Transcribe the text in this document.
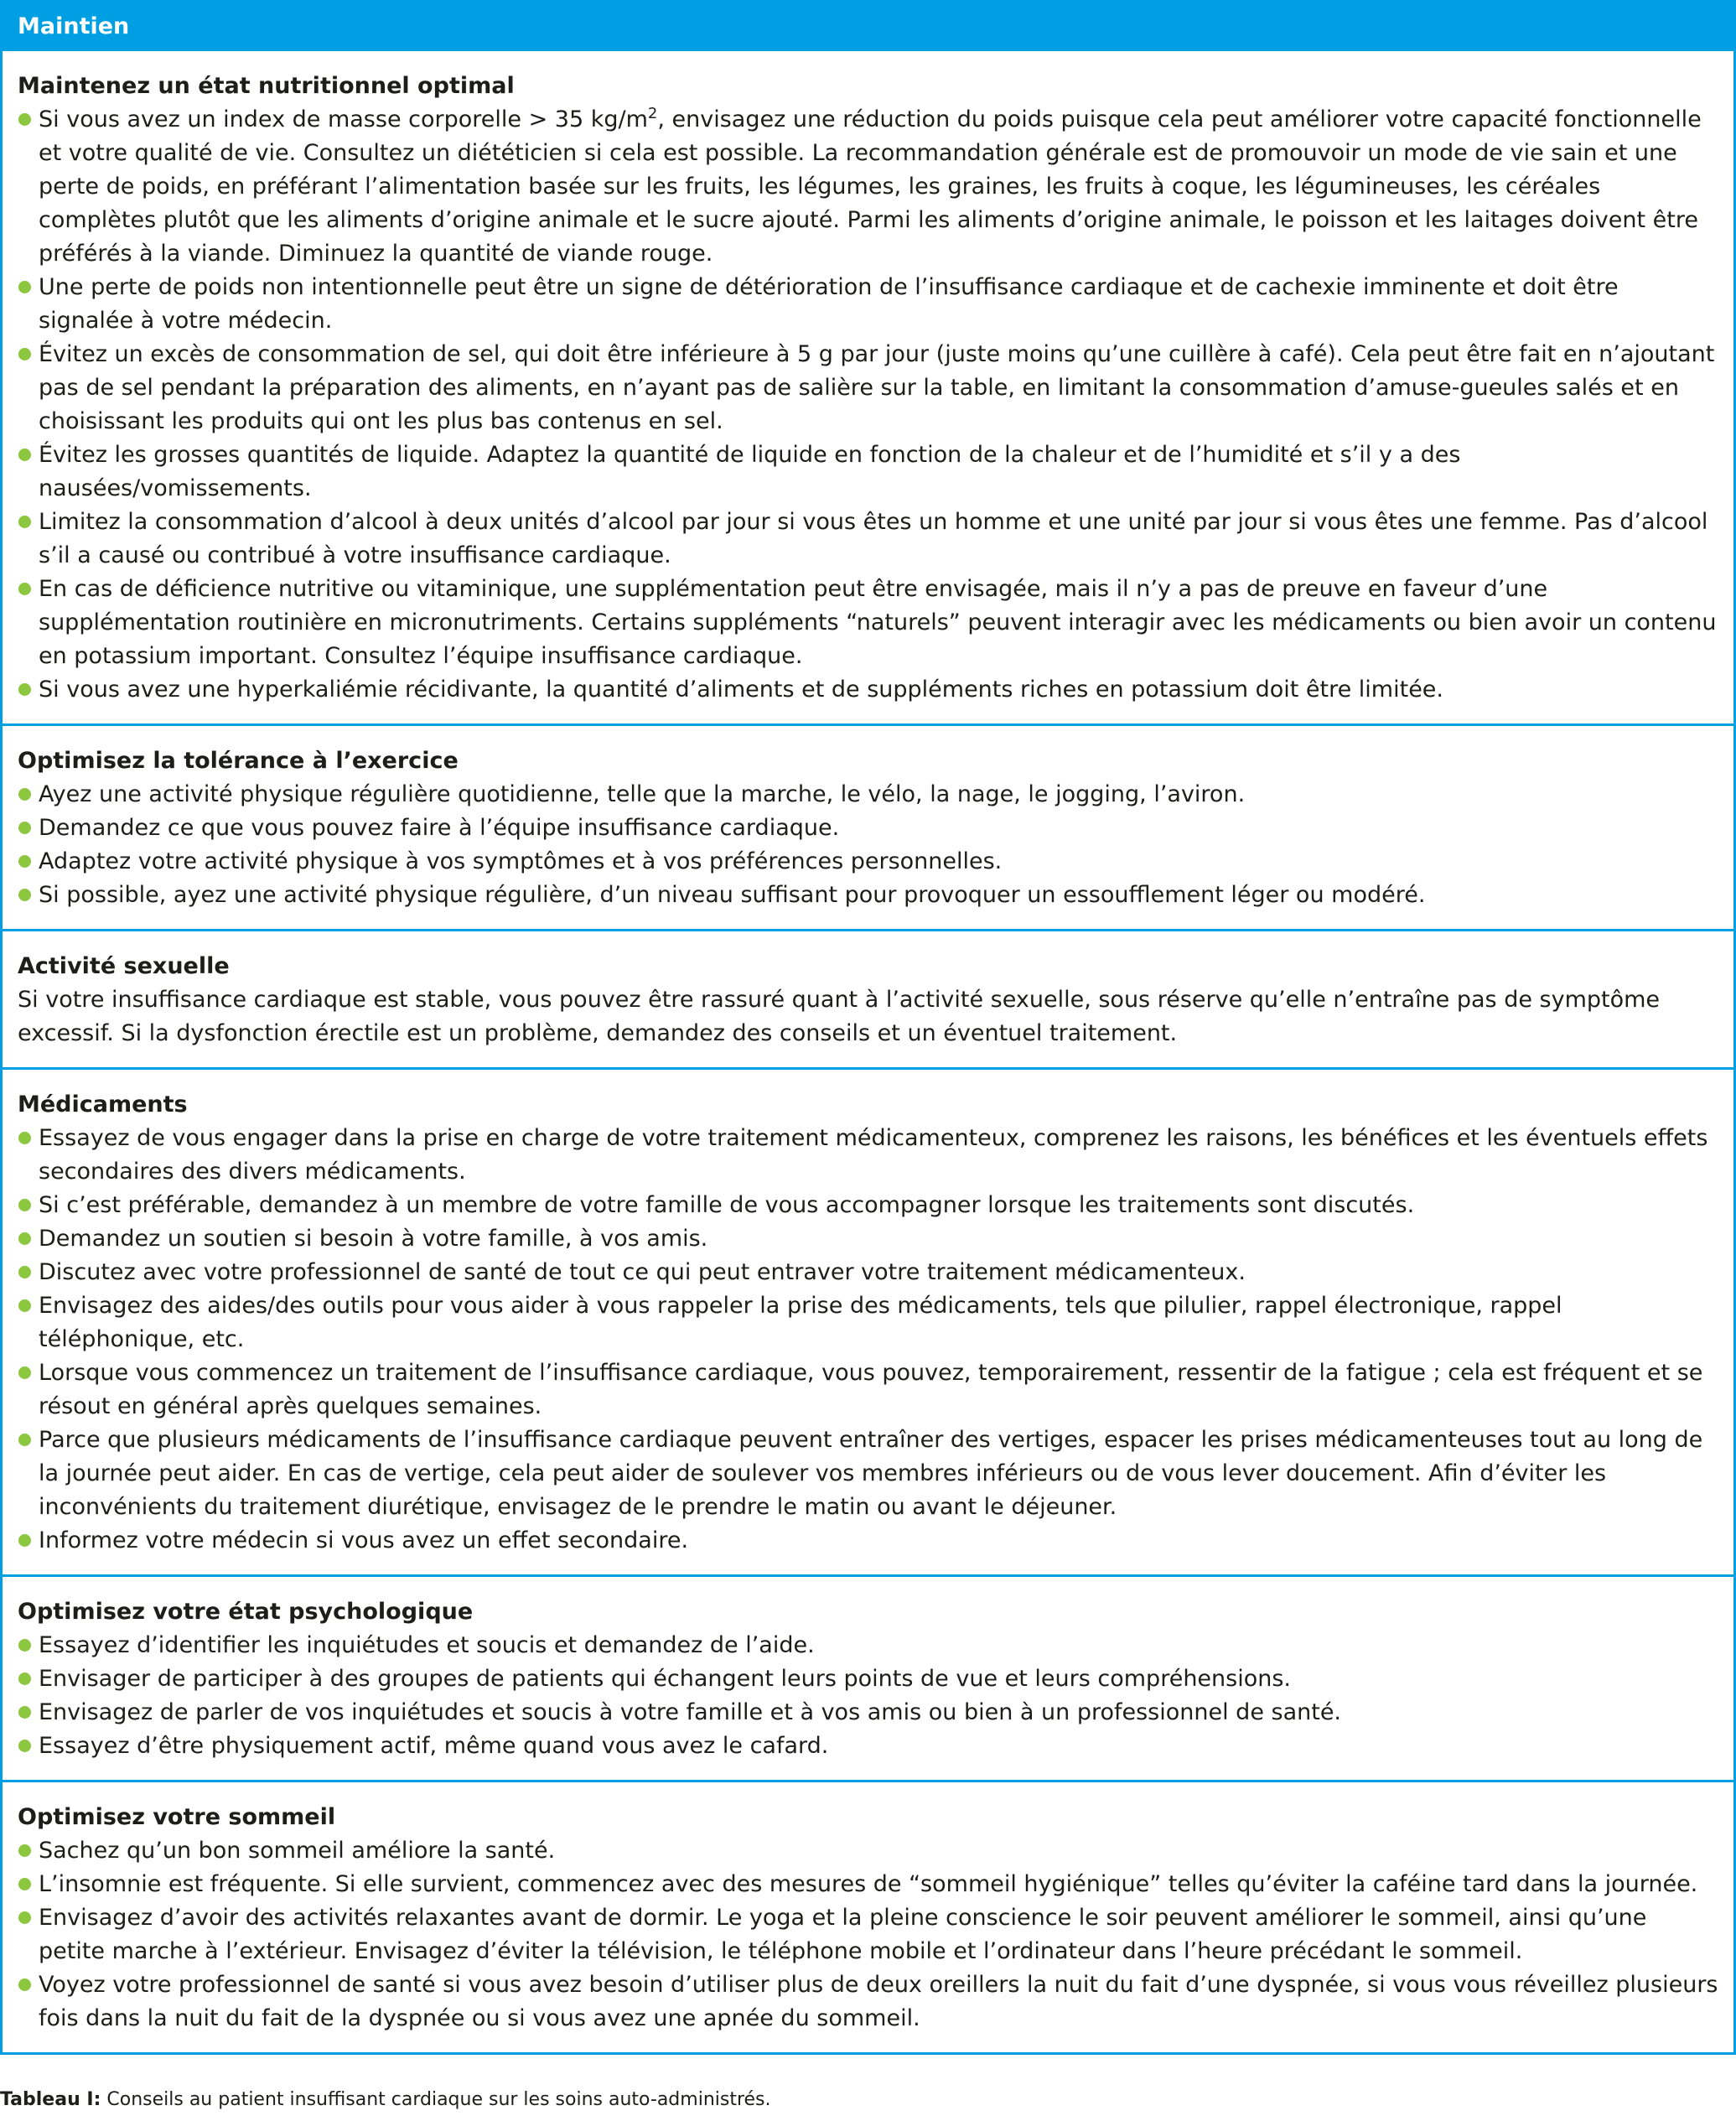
Maintien
Maintenez un état nutritionnel optimal
Si vous avez un index de masse corporelle > 35 $kg/m^2$, envisagez une réduction du poids puisque cela peut améliorer votre capacité fonctionnelle et votre qualité de vie. Consultez un diététicien si cela est possible. La recommandation générale est de promouvoir un mode de vie sain et une perte de poids, en préférant l’alimentation basée sur les fruits, les légumes, les graines, les fruits à coque, les légumineuses, les céréales complètes plutôt que les aliments d’origine animale et le sucre ajouté. Parmi les aliments d’origine animale, le poisson et les laitages doivent être préférés à la viande. Diminuez la quantité de viande rouge.
Une perte de poids non intentionnelle peut être un signe de détérioration de l’insuffisance cardiaque et de cachexie imminente et doit être signalée à votre médecin.
Évitez un excès de consommation de sel, qui doit être inférieure à 5 g par jour (juste moins qu’une cuillère à café). Cela peut être fait en n’ajoutant pas de sel pendant la préparation des aliments, en n’ayant pas de salière sur la table, en limitant la consommation d’amuse-gueules salés et en choisissant les produits qui ont les plus bas contenus en sel.
Évitez les grosses quantités de liquide. Adaptez la quantité de liquide en fonction de la chaleur et de l’humidité et s’il y a des nausées/vomissements.
Limitez la consommation d’alcool à deux unités d’alcool par jour si vous êtes un homme et une unité par jour si vous êtes une femme. Pas d’alcool s’il a causé ou contribué à votre insuffisance cardiaque.
En cas de déficience nutritive ou vitaminique, une supplémentation peut être envisagée, mais il n’y a pas de preuve en faveur d’une supplémentation routinière en micronutriments. Certains suppléments “naturels” peuvent interagir avec les médicaments ou bien avoir un contenu en potassium important. Consultez l’équipe insuffisance cardiaque.
Si vous avez une hyperkaliémie récidivante, la quantité d’aliments et de suppléments riches en potassium doit être limitée.
Optimisez la tolérance à l’exercice
Ayez une activité physique régulière quotidienne, telle que la marche, le vélo, la nage, le jogging, l’aviron.
Demandez ce que vous pouvez faire à l’équipe insuffisance cardiaque.
Adaptez votre activité physique à vos symptômes et à vos préférences personnelles.
Si possible, ayez une activité physique régulière, d’un niveau suffisant pour provoquer un essoufflement léger ou modéré.
Activité sexuelle
Si votre insuffisance cardiaque est stable, vous pouvez être rassuré quant à l’activité sexuelle, sous réserve qu’elle n’entraîne pas de symptôme excessif. Si la dysfonction érectile est un problème, demandez des conseils et un éventuel traitement.
Médicaments
Essayez de vous engager dans la prise en charge de votre traitement médicamenteux, comprenez les raisons, les bénéfices et les éventuels effets secondaires des divers médicaments.
Si c’est préférable, demandez à un membre de votre famille de vous accompagner lorsque les traitements sont discutés.
Demandez un soutien si besoin à votre famille, à vos amis.
Discutez avec votre professionnel de santé de tout ce qui peut entraver votre traitement médicamenteux.
Envisagez des aides/des outils pour vous aider à vous rappeler la prise des médicaments, tels que pilulier, rappel électronique, rappel téléphonique, etc.
Lorsque vous commencez un traitement de l’insuffisance cardiaque, vous pouvez, temporairement, ressentir de la fatigue ; cela est fréquent et se résout en général après quelques semaines.
Parce que plusieurs médicaments de l’insuffisance cardiaque peuvent entraîner des vertiges, espacer les prises médicamenteuses tout au long de la journée peut aider. En cas de vertige, cela peut aider de soulever vos membres inférieurs ou de vous lever doucement. Afin d’éviter les inconvénients du traitement diurétique, envisagez de le prendre le matin ou avant le déjeuner.
Informez votre médecin si vous avez un effet secondaire.
Optimisez votre état psychologique
Essayez d’identifier les inquiétudes et soucis et demandez de l’aide.
Envisager de participer à des groupes de patients qui échangent leurs points de vue et leurs compréhensions.
Envisagez de parler de vos inquiétudes et soucis à votre famille et à vos amis ou bien à un professionnel de santé.
Essayez d’être physiquement actif, même quand vous avez le cafard.
Optimisez votre sommeil
Sachez qu’un bon sommeil améliore la santé.
L’insomnie est fréquente. Si elle survient, commencez avec des mesures de “sommeil hygiénique” telles qu’éviter la caféine tard dans la journée.
Envisagez d’avoir des activités relaxantes avant de dormir. Le yoga et la pleine conscience le soir peuvent améliorer le sommeil, ainsi qu’une petite marche à l’extérieur. Envisagez d’éviter la télévision, le téléphone mobile et l’ordinateur dans l’heure précédant le sommeil.
Voyez votre professionnel de santé si vous avez besoin d’utiliser plus de deux oreillers la nuit du fait d’une dyspnée, si vous vous réveillez plusieurs fois dans la nuit du fait de la dyspnée ou si vous avez une apnée du sommeil.
Tableau I: Conseils au patient insuffisant cardiaque sur les soins auto-administrés.
